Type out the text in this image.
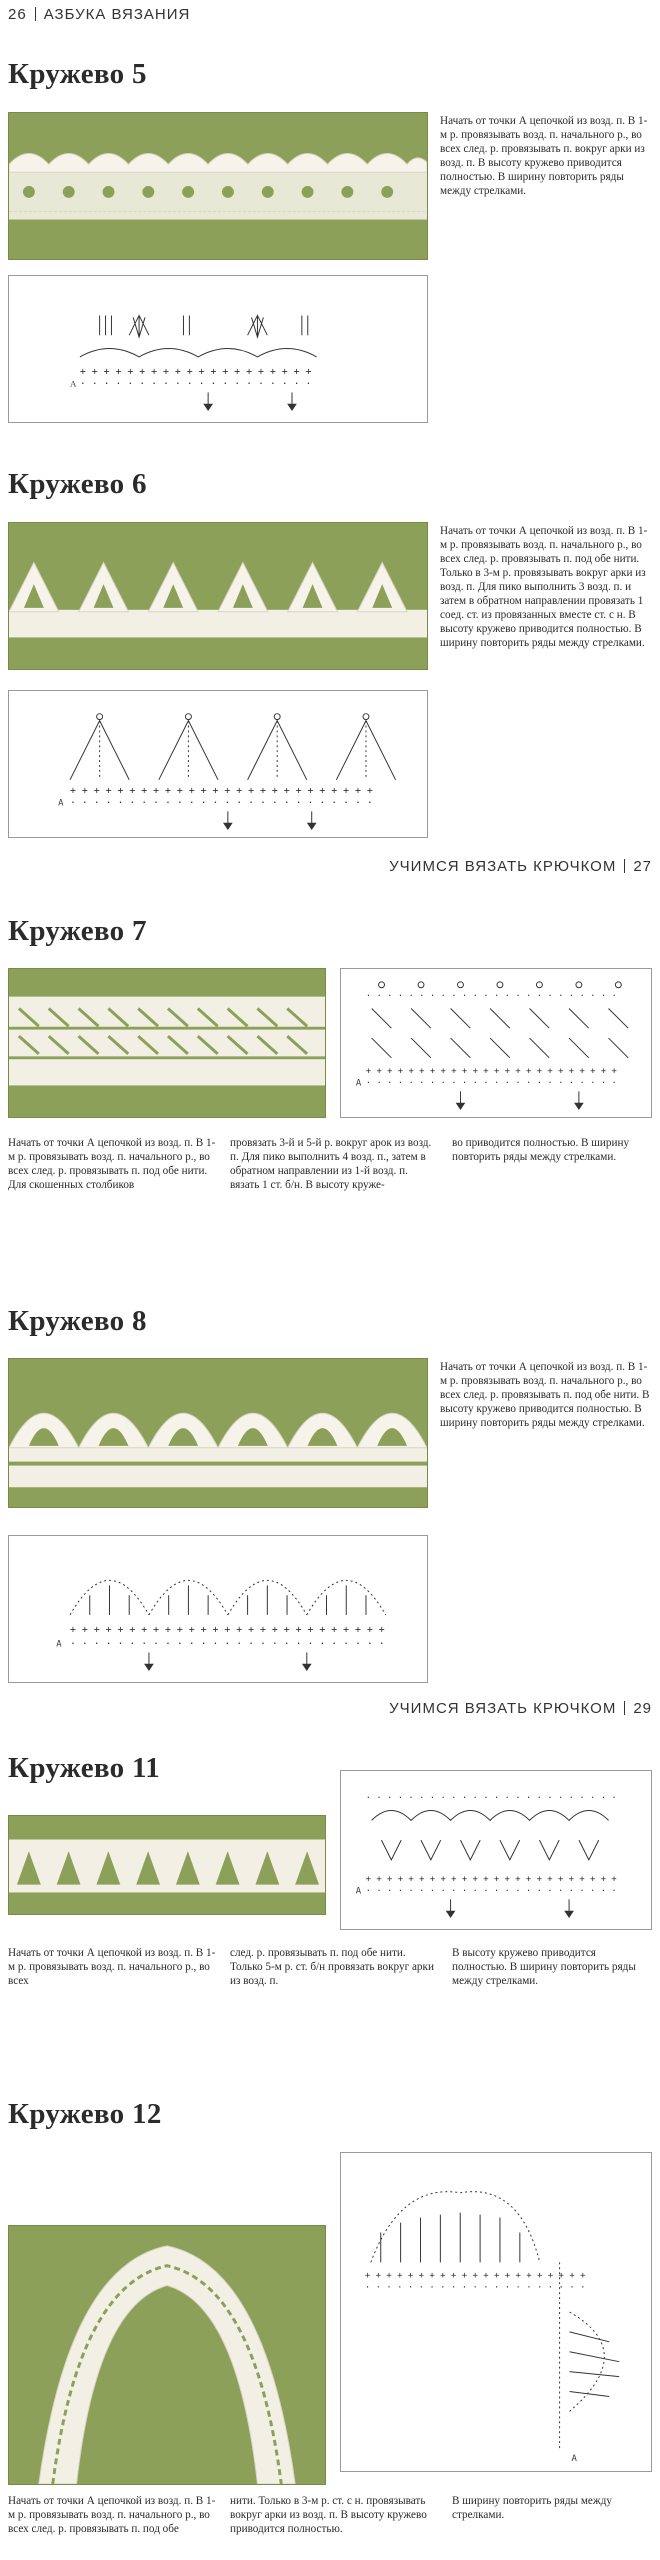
26 АЗБУКА ВЯЗАНИЯ
Кружево 5
Начать от точки А цепочкой из возд. п. В 1-м р. провязывать возд. п. начального р., во всех след. р. провязывать п. вокруг арки из возд. п. В высоту кружево приводится полностью. В ширину повторить ряды между стрелками.
+ + + + + + + + + + + + + + + + + + + +
· · · · · · · · · · · · · · · · · · · ·
А
Кружево 6
Начать от точки А цепочкой из возд. п. В 1-м р. провязывать возд. п. начального р., во всех след. р. провязывать п. под обе нити. Только в 3-м р. провязывать вокруг арки из возд. п. Для пико выполнить 3 возд. п. и затем в обратном направлении провязать 1 соед. ст. из провязанных вместе ст. с н. В высоту кружево приводится полностью. В ширину повторить ряды между стрелками.
+ + + + + + + + + + + + + + + + + + + + + + + + + +
· · · · · · · · · · · · · · · · · · · · · · · · · ·
А
УЧИМСЯ ВЯЗАТЬ КРЮЧКОМ 27
Кружево 7
· · · · · · · · · · · · · · · · · · · · · · · ·
+ + + + + + + + + + + + + + + + + + + + + + + +
· · · · · · · · · · · · · · · · · · · · · · · ·
А
Начать от точки А цепочкой из возд. п. В 1-м р. провязывать возд. п. начального р., во всех след. р. провязывать п. под обе нити. Для скошенных столбиков
провязать 3-й и 5-й р. вокруг арок из возд. п. Для пико выполнить 4 возд. п., затем в обратном направлении из 1-й возд. п. вязать 1 ст. б/н. В высоту круже-
во приводится полностью. В ширину повторить ряды между стрелками.
Кружево 8
Начать от точки А цепочкой из возд. п. В 1-м р. провязывать возд. п. начального р., во всех след. р. провязывать п. под обе нити. В высоту кружево приводится полностью. В ширину повторить ряды между стрелками.
+ + + + + + + + + + + + + + + + + + + + + + + + + + +
· · · · · · · · · · · · · · · · · · · · · · · · · · ·
А
УЧИМСЯ ВЯЗАТЬ КРЮЧКОМ 29
Кружево 11
· · · · · · · · · · · · · · · · · · · · · · · ·
+ + + + + + + + + + + + + + + + + + + + + + + +
· · · · · · · · · · · · · · · · · · · · · · · ·
А
Начать от точки А цепочкой из возд. п. В 1-м р. провязывать возд. п. начального р., во всех
след. р. провязывать п. под обе нити. Только 5-м р. ст. б/н провязать вокруг арки из возд. п.
В высоту кружево приводится полностью. В ширину повторить ряды между стрелками.
Кружево 12
+ + + + + + + + + + + + + + + + + + + + +
· · · · · · · · · · · · · · · · · · · · ·
А
Начать от точки А цепочкой из возд. п. В 1-м р. провязывать возд. п. начального р., во всех след. р. провязывать п. под обе
нити. Только в 3-м р. ст. с н. провязывать вокруг арки из возд. п. В высоту кружево приводится полностью.
В ширину повторить ряды между стрелками.
